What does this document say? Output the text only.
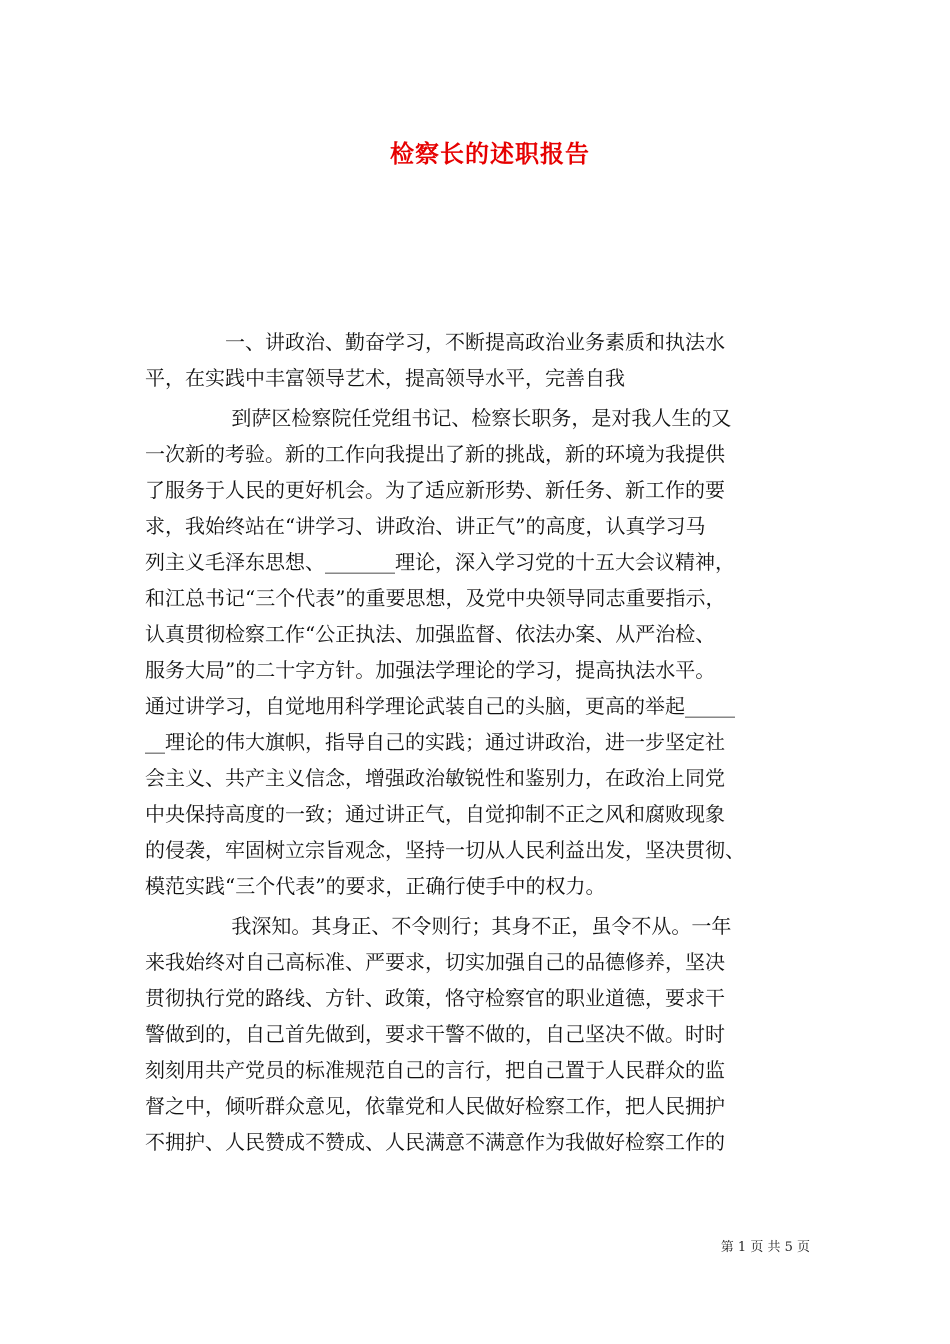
检察长的述职报告
　　　　一、讲政治、勤奋学习，不断提高政治业务素质和执法水
平，在实践中丰富领导艺术，提高领导水平，完善自我
　　　　 到萨区检察院任党组书记、检察长职务，是对我人生的又
一次新的考验。新的工作向我提出了新的挑战，新的环境为我提供
了服务于人民的更好机会。为了适应新形势、新任务、新工作的要
求，我始终站在“讲学习、讲政治、讲正气”的高度，认真学习马
列主义毛泽东思想、_______理论，深入学习党的十五大会议精神，
和江总书记“三个代表”的重要思想，及党中央领导同志重要指示，
认真贯彻检察工作“公正执法、加强监督、依法办案、从严治检、
服务大局”的二十字方针。加强法学理论的学习，提高执法水平。
通过讲学习，自觉地用科学理论武装自己的头脑，更高的举起_____
__理论的伟大旗帜，指导自己的实践；通过讲政治，进一步坚定社
会主义、共产主义信念，增强政治敏锐性和鉴别力，在政治上同党
中央保持高度的一致；通过讲正气，自觉抑制不正之风和腐败现象
的侵袭，牢固树立宗旨观念，坚持一切从人民利益出发，坚决贯彻、
模范实践“三个代表”的要求，正确行使手中的权力。
　　　　 我深知。其身正、不令则行；其身不正，虽令不从。一年
来我始终对自己高标准、严要求，切实加强自己的品德修养，坚决
贯彻执行党的路线、方针、政策，恪守检察官的职业道德，要求干
警做到的，自己首先做到，要求干警不做的，自己坚决不做。时时
刻刻用共产党员的标准规范自己的言行，把自己置于人民群众的监
督之中，倾听群众意见，依靠党和人民做好检察工作，把人民拥护
不拥护、人民赞成不赞成、人民满意不满意作为我做好检察工作的
第 1 页 共 5 页
